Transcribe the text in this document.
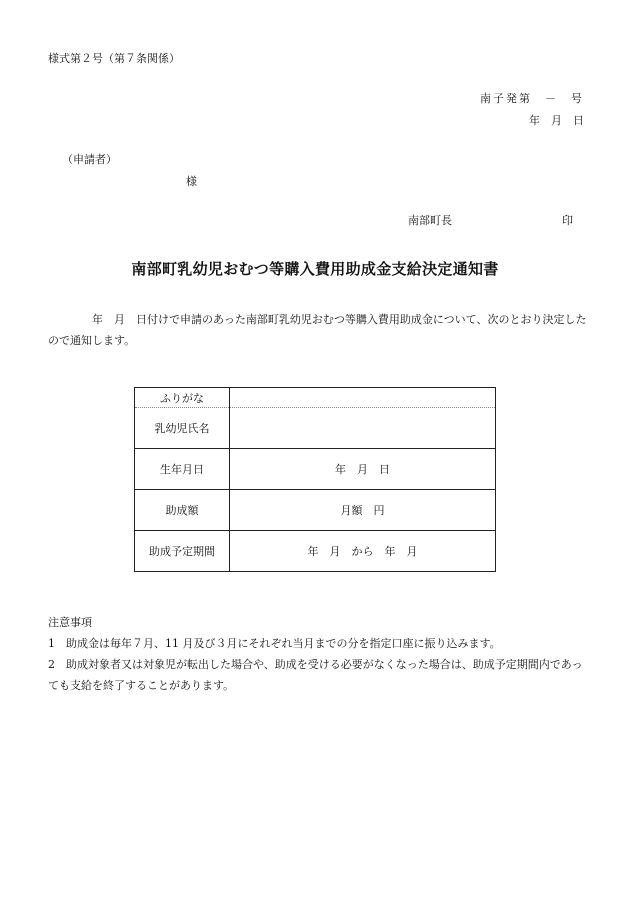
様式第２号（第７条関係）
南子発第　－　号
年　月　日
（申請者）
様
南部町長	印
南部町乳幼児おむつ等購入費用助成金支給決定通知書
年　月　日付けで申請のあった南部町乳幼児おむつ等購入費用助成金について、次のとおり決定したので通知します。
ふりがな	

乳幼児氏名	

生年月日	年　月　日

助成額	月額　円

助成予定期間	年　月　から　年　月
注意事項
1　助成金は毎年７月、11 月及び３月にそれぞれ当月までの分を指定口座に振り込みます。
2　助成対象者又は対象児が転出した場合や、助成を受ける必要がなくなった場合は、助成予定期間内であっても支給を終了することがあります。
